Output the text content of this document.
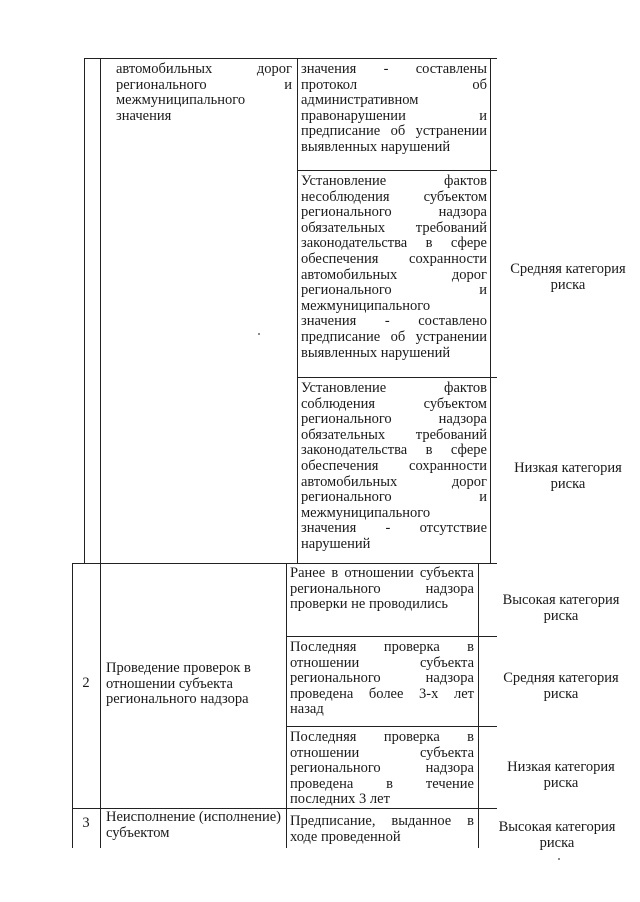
автомобильных дорог регионального и межмуниципального значения
значения - составлены протокол об административном правонарушении и предписание об устранении выявленных нарушений
Установление фактов несоблюдения субъектом регионального надзора обязательных требований законодательства в сфере обеспечения сохранности автомобильных дорог регионального и межмуниципального значения - составлено предписание об устранении выявленных нарушений
Средняя категория риска
Установление фактов соблюдения субъектом регионального надзора обязательных требований законодательства в сфере обеспечения сохранности автомобильных дорог регионального и межмуниципального значения - отсутствие нарушений
Низкая категория риска
2
Проведение проверок в отношении субъекта регионального надзора
Ранее в отношении субъекта регионального надзора проверки не проводились	Высокая категория риска
Последняя проверка в отношении субъекта регионального надзора проведена более 3-х лет назад
Средняя категория риска
Последняя проверка в отношении субъекта регионального надзора проведена в течение последних 3 лет
Низкая категория риска
3	Неисполнение (исполнение) субъектом
Предписание, выданное в ходе проведенной
Высокая категория риска
